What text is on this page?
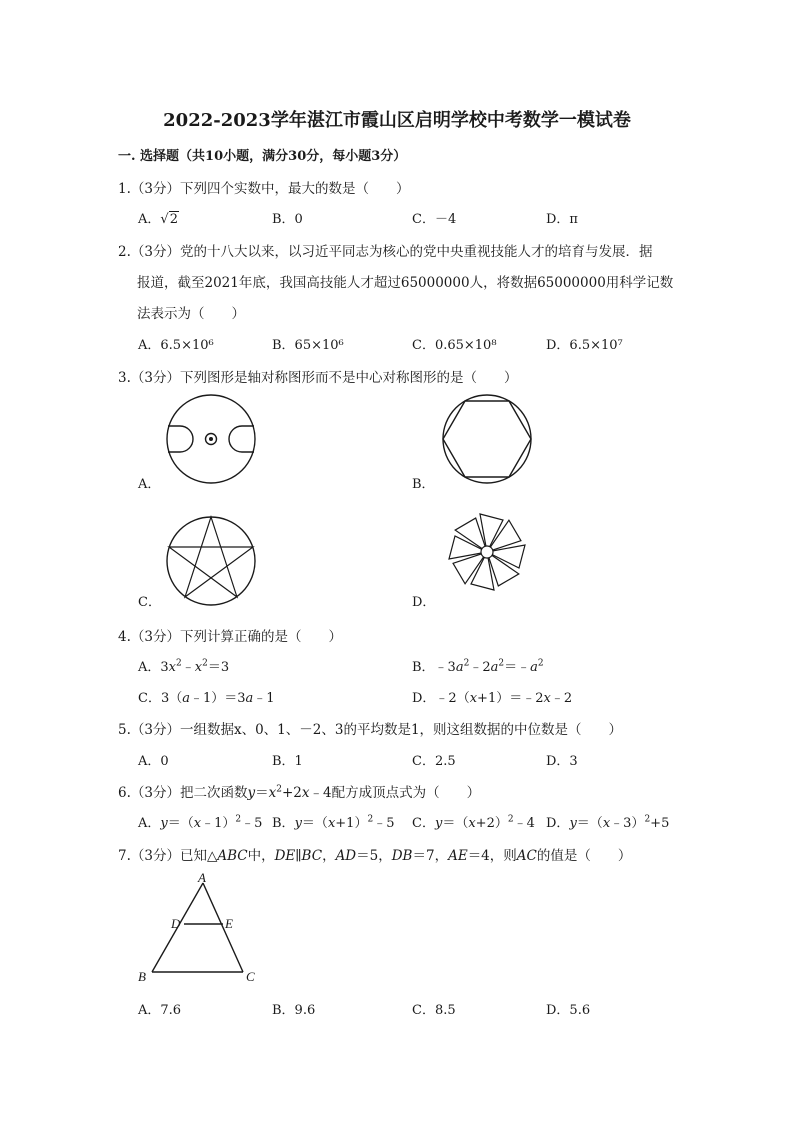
2022-2023学年湛江市霞山区启明学校中考数学一模试卷
一. 选择题（共10小题，满分30分，每小题3分）
1.（3分）下列四个实数中，最大的数是（　　）
A．√2	B．0	C．－4	D．π
2.（3分）党的十八大以来，以习近平同志为核心的党中央重视技能人才的培育与发展．据
报道，截至2021年底，我国高技能人才超过65000000人，将数据65000000用科学记数
法表示为（　　）
A．6.5×10⁶	B．65×10⁶	C．0.65×10⁸	D．6.5×10⁷
3.（3分）下列图形是轴对称图形而不是中心对称图形的是（　　）
A．	B．
C．	D．
4.（3分）下列计算正确的是（　　）
A．$3x^2﹣x^2=3$	B．$﹣3a^2﹣2a^2=﹣a^2$
C．3（a﹣1）＝3a﹣1	D．﹣2（x+1）＝﹣2x﹣2
5.（3分）一组数据x、0、1、－2、3的平均数是1，则这组数据的中位数是（　　）
A．0	B．1	C．2.5	D．3
6.（3分）把二次函数$y=x^2+2x﹣4$配方成顶点式为（　　）
A．y＝（x﹣1）$^2$﹣5 B．$y=(x+1)^2﹣5$ C．$y=(x+2)^2﹣4$ D．y＝（x﹣3）$^2$+5
7.（3分）已知△ABC中，DE∥BC，AD＝5，DB＝7，AE＝4，则AC的值是（　　）
A
D	E
B	C
A．7.6	B．9.6	C．8.5	D．5.6
